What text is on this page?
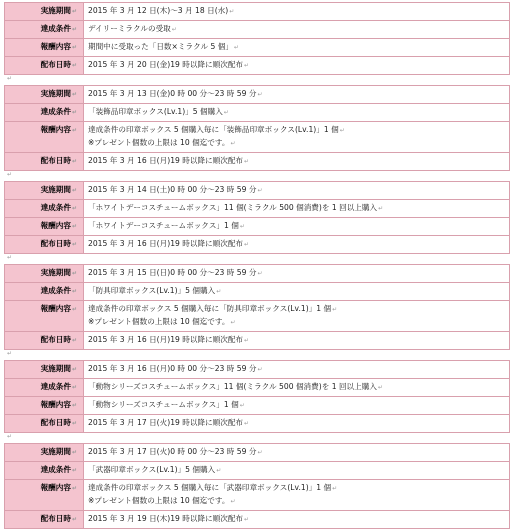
実施期間↵	2015 年 3 月 12 日(木)～3 月 18 日(水)↵

達成条件↵	デイリーミラクルの受取↵

報酬内容↵	期間中に受取った「日数×ミラクル 5 個」↵

配布日時↵	2015 年 3 月 20 日(金)19 時以降に順次配布↵
↵
実施期間↵	2015 年 3 月 13 日(金)0 時 00 分～23 時 59 分↵

達成条件↵	「装飾品印章ボックス(Lv.1)」5 個購入↵

報酬内容↵	達成条件の印章ボックス 5 個購入毎に「装飾品印章ボックス(Lv.1)」1 個↵
※プレゼント個数の上限は 10 個迄です。↵

配布日時↵	2015 年 3 月 16 日(月)19 時以降に順次配布↵
↵
実施期間↵	2015 年 3 月 14 日(土)0 時 00 分～23 時 59 分↵

達成条件↵	「ホワイトデーコスチュームボックス」11 個(ミラクル 500 個消費)を 1 回以上購入↵

報酬内容↵	「ホワイトデーコスチュームボックス」1 個↵

配布日時↵	2015 年 3 月 16 日(月)19 時以降に順次配布↵
↵
実施期間↵	2015 年 3 月 15 日(日)0 時 00 分～23 時 59 分↵

達成条件↵	「防具印章ボックス(Lv.1)」5 個購入↵

報酬内容↵	達成条件の印章ボックス 5 個購入毎に「防具印章ボックス(Lv.1)」1 個↵
※プレゼント個数の上限は 10 個迄です。↵

配布日時↵	2015 年 3 月 16 日(月)19 時以降に順次配布↵
↵
実施期間↵	2015 年 3 月 16 日(月)0 時 00 分～23 時 59 分↵

達成条件↵	「動物シリーズコスチュームボックス」11 個(ミラクル 500 個消費)を 1 回以上購入↵

報酬内容↵	「動物シリーズコスチュームボックス」1 個↵

配布日時↵	2015 年 3 月 17 日(火)19 時以降に順次配布↵
↵
実施期間↵	2015 年 3 月 17 日(火)0 時 00 分～23 時 59 分↵

達成条件↵	「武器印章ボックス(Lv.1)」5 個購入↵

報酬内容↵	達成条件の印章ボックス 5 個購入毎に「武器印章ボックス(Lv.1)」1 個↵
※プレゼント個数の上限は 10 個迄です。↵

配布日時↵	2015 年 3 月 19 日(木)19 時以降に順次配布↵
